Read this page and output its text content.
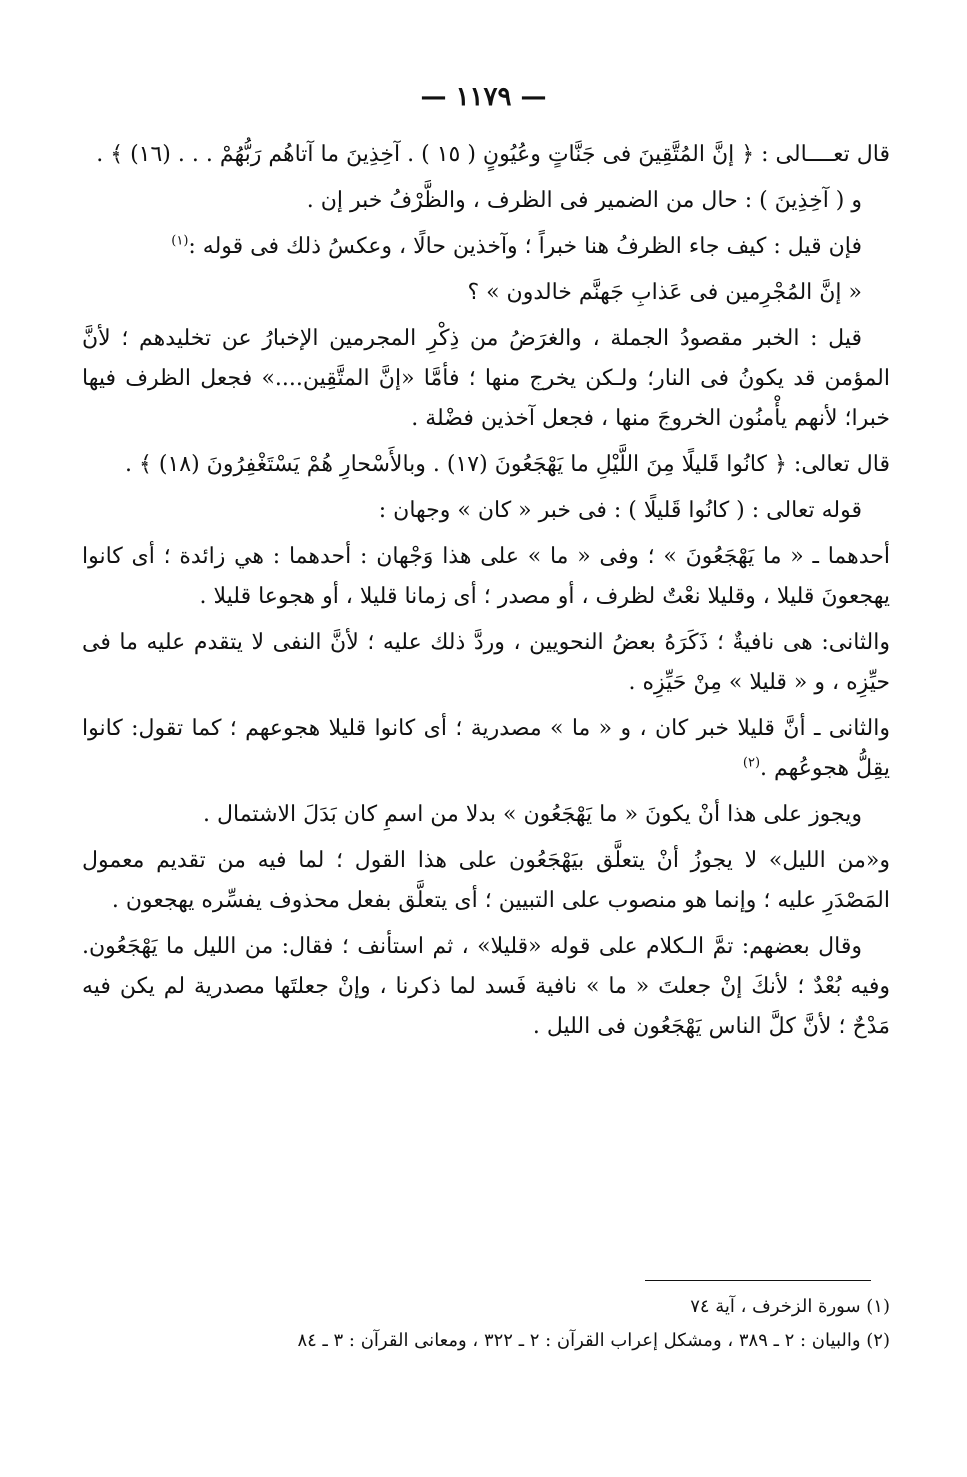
— ١١٧٩ —

قال تعــــالى : ﴿ إنَّ المُتَّقِينَ فى جَنَّاتٍ وعُيُونٍ ( ١٥ ) . آخِذِينَ ما آتاهُم رَبُّهُمْ . . . (١٦) ﴾ .

و ( آخِذِينَ ) : حال من الضمير فى الظرف ، والظَّرْفُ خبر إن .

فإن قيل : كيف جاء الظرفُ هنا خبراً ؛ وآخذين حالًا ، وعكسُ ذلك فى قوله :$^{(١)}$

« إنَّ المُجْرِمين فى عَذابِ جَهنَّم خالدون » ؟

قيل : الخبر مقصودُ الجملة ، والغرَضُ من ذِكْرِ المجرمين الإخبارُ عن تخليدهم ؛ لأنَّ المؤمن قد يكونُ فى النار؛ ولـكن يخرج منها ؛ فأمَّا «إنَّ المتَّقِين....» فجعل الظرف فيها خبرا؛ لأنهم يأْمنُون الخروجَ منها ، فجعل آخذين فضْلة .

قال تعالى: ﴿ كانُوا قَليلًا مِنَ اللَّيْلِ ما يَهْجَعُونَ (١٧) . وبالأَسْحارِ هُمْ يَسْتَغْفِرُونَ (١٨) ﴾ .

قوله تعالى : ( كانُوا قَليلًا ) : فى خبر « كان » وجهان :

أحدهما ـ « ما يَهْجَعُونَ » ؛ وفى « ما » على هذا وَجْهان : أحدهما : هي زائدة ؛ أى كانوا يهجعونَ قليلا ، وقليلا نعْتٌ لظرف ، أو مصدر ؛ أى زمانا قليلا ، أو هجوعا قليلا .

والثانى: هى نافيةٌ ؛ ذَكَرَهُ بعضُ النحويين ، وردَّ ذلك عليه ؛ لأنَّ النفى لا يتقدم عليه ما فى حيِّزِه ، و « قليلا » مِنْ حَيِّزِه .

والثانى ـ أنَّ قليلا خبر كان ، و « ما » مصدرية ؛ أى كانوا قليلا هجوعهم ؛ كما تقول: كانوا يقِلُّ هجوعُهم .$^{(٢)}$

ويجوز على هذا أنْ يكونَ « ما يَهْجَعُون » بدلا من اسمِ كان بَدَلَ الاشتمال .

و«من الليل» لا يجوزُ أنْ يتعلَّق بيَهْجَعُون على هذا القول ؛ لما فيه من تقديم معمول المَصْدَرِ عليه ؛ وإنما هو منصوب على التبيين ؛ أى يتعلَّق بفعل محذوف يفسِّره يهجعون .

وقال بعضهم: تمَّ الـكلام على قوله «قليلا» ، ثم استأنف ؛ فقال: من الليل ما يَهْجَعُون. وفيه بُعْدٌ ؛ لأنكَ إنْ جعلتَ « ما » نافية فَسد لما ذكرنا ، وإنْ جعلتَها مصدرية لم يكن فيه مَدْحٌ ؛ لأنَّ كلَّ الناس يَهْجَعُون فى الليل .

(١) سورة الزخرف ، آية ٧٤
(٢) والبيان : ٢ ـ ٣٨٩ ، ومشكل إعراب القرآن : ٢ ـ ٣٢٢ ، ومعانى القرآن : ٣ ـ ٨٤
